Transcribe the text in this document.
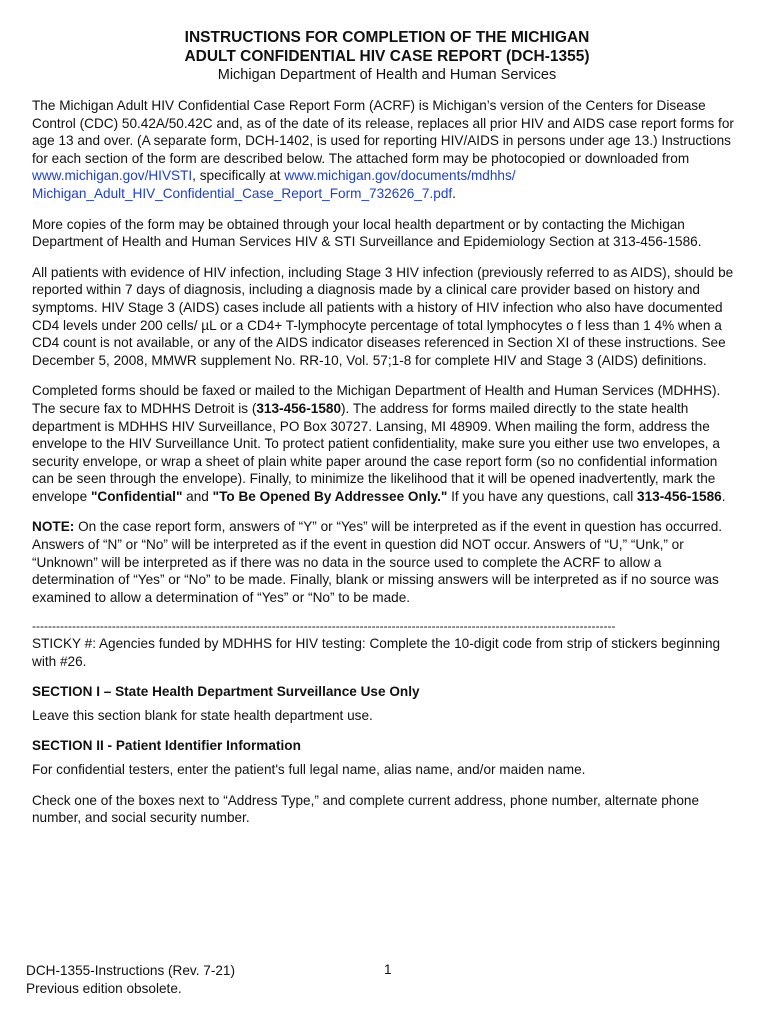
INSTRUCTIONS FOR COMPLETION OF THE MICHIGAN
ADULT CONFIDENTIAL HIV CASE REPORT (DCH-1355)
Michigan Department of Health and Human Services

The Michigan Adult HIV Confidential Case Report Form (ACRF) is Michigan’s version of the Centers for Disease Control (CDC) 50.42A/50.42C and, as of the date of its release, replaces all prior HIV and AIDS case report forms for age 13 and over. (A separate form, DCH-1402, is used for reporting HIV/AIDS in persons under age 13.) Instructions for each section of the form are described below. The attached form may be photocopied or downloaded from www.michigan.gov/HIVSTI, specifically at www.michigan.gov/documents/mdhhs/ Michigan_Adult_HIV_Confidential_Case_Report_Form_732626_7.pdf.

More copies of the form may be obtained through your local health department or by contacting the Michigan Department of Health and Human Services HIV & STI Surveillance and Epidemiology Section at 313-456-1586.

All patients with evidence of HIV infection, including Stage 3 HIV infection (previously referred to as AIDS), should be reported within 7 days of diagnosis, including a diagnosis made by a clinical care provider based on history and symptoms. HIV Stage 3 (AIDS) cases include all patients with a history of HIV infection who also have documented CD4 levels under 200 cells/ µL or a CD4+ T-lymphocyte percentage of total lymphocytes o f less than 1 4% when a CD4 count is not available, or any of the AIDS indicator diseases referenced in Section XI of these instructions. See December 5, 2008, MMWR supplement No. RR-10, Vol. 57;1-8 for complete HIV and Stage 3 (AIDS) definitions.

Completed forms should be faxed or mailed to the Michigan Department of Health and Human Services (MDHHS). The secure fax to MDHHS Detroit is (313-456-1580). The address for forms mailed directly to the state health department is MDHHS HIV Surveillance, PO Box 30727. Lansing, MI 48909. When mailing the form, address the envelope to the HIV Surveillance Unit. To protect patient confidentiality, make sure you either use two envelopes, a security envelope, or wrap a sheet of plain white paper around the case report form (so no confidential information can be seen through the envelope). Finally, to minimize the likelihood that it will be opened inadvertently, mark the envelope "Confidential" and "To Be Opened By Addressee Only." If you have any questions, call 313-456-1586.

NOTE: On the case report form, answers of “Y” or “Yes” will be interpreted as if the event in question has occurred. Answers of “N” or “No” will be interpreted as if the event in question did NOT occur. Answers of “U,” “Unk,” or “Unknown” will be interpreted as if there was no data in the source used to complete the ACRF to allow a determination of “Yes” or “No” to be made. Finally, blank or missing answers will be interpreted as if no source was examined to allow a determination of “Yes” or “No” to be made.

--------------------------------------------------------------------------------------------------------------------------------------------------

STICKY #: Agencies funded by MDHHS for HIV testing: Complete the 10-digit code from strip of stickers beginning with #26.

SECTION I – State Health Department Surveillance Use Only

Leave this section blank for state health department use.

SECTION II - Patient Identifier Information

For confidential testers, enter the patient's full legal name, alias name, and/or maiden name.

Check one of the boxes next to “Address Type,” and complete current address, phone number, alternate phone number, and social security number.

DCH-1355-Instructions (Rev. 7-21)
Previous edition obsolete.
1
